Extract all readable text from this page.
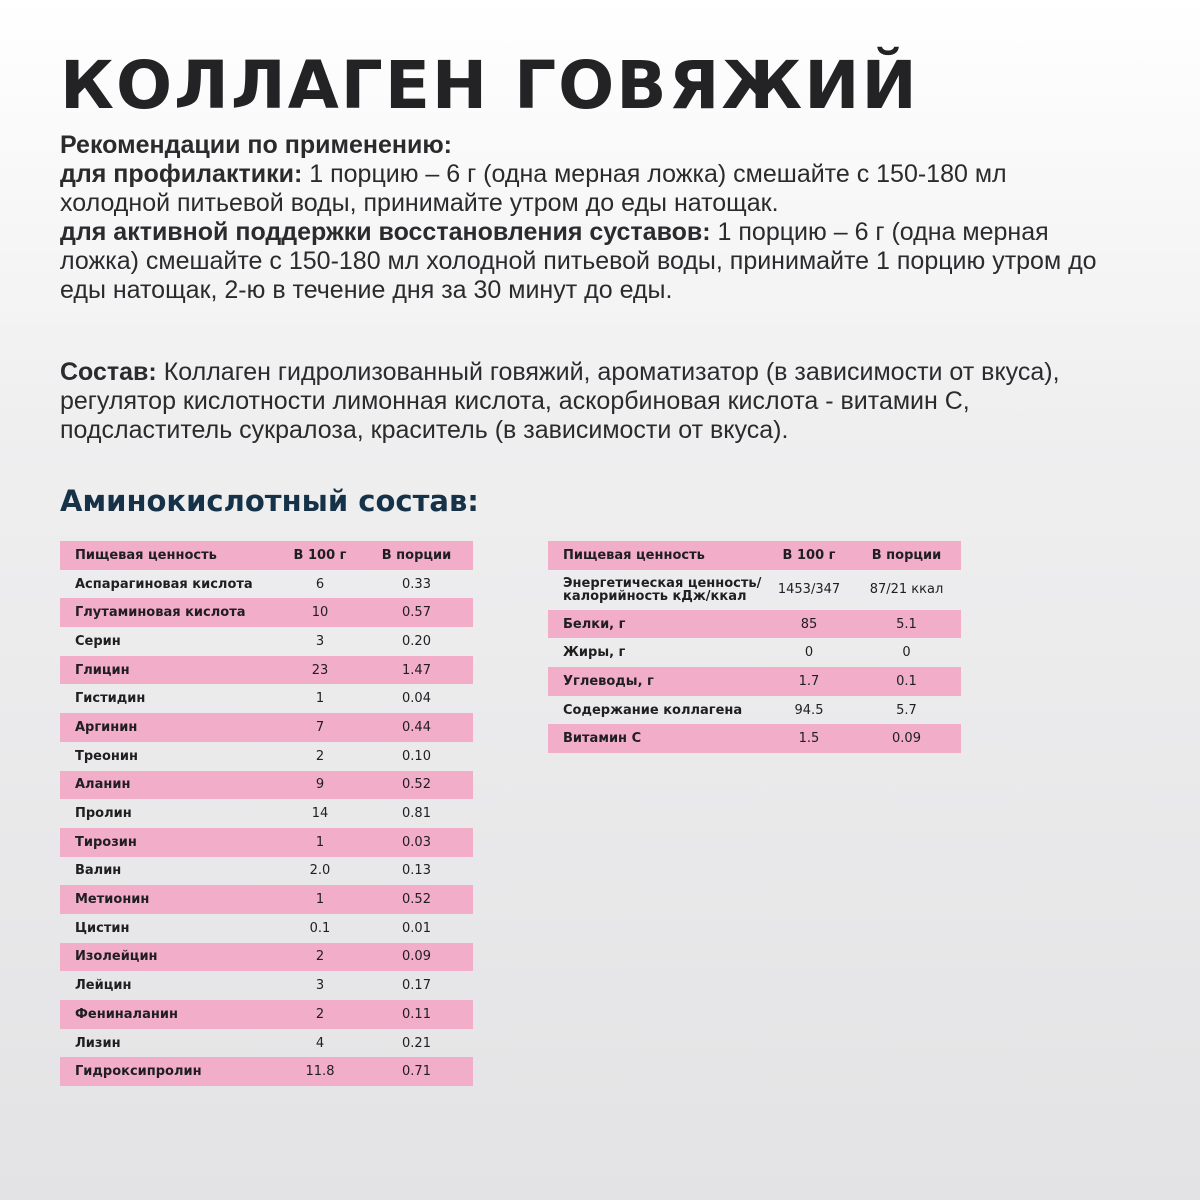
КОЛЛАГЕН ГОВЯЖИЙ

Рекомендации по применению:

для профилактики: 1 порцию – 6 г (одна мерная ложка) смешайте с 150-180 мл холодной питьевой воды, принимайте утром до еды натощак.

для активной поддержки восстановления суставов: 1 порцию – 6 г (одна мерная ложка) смешайте с 150-180 мл холодной питьевой воды, принимайте 1 порцию утром до еды натощак, 2-ю в течение дня за 30 минут до еды.

Состав: Коллаген гидролизованный говяжий, ароматизатор (в зависимости от вкуса), регулятор кислотности лимонная кислота, аскорбиновая кислота - витамин С, подсластитель сукралоза, краситель (в зависимости от вкуса).
Аминокислотный состав:
Пищевая ценность	В 100 г	В порции
Аспарагиновая кислота	6	0.33
Глутаминовая кислота	10	0.57
Серин	3	0.20
Глицин	23	1.47
Гистидин	1	0.04
Аргинин	7	0.44
Треонин	2	0.10
Аланин	9	0.52
Пролин	14	0.81
Тирозин	1	0.03
Валин	2.0	0.13
Метионин	1	0.52
Цистин	0.1	0.01
Изолейцин	2	0.09
Лейцин	3	0.17
Фениналанин	2	0.11
Лизин	4	0.21
Гидроксипролин	11.8	0.71
Пищевая ценность	В 100 г	В порции
Энергетическая ценность/ калорийность кДж/ккал	1453/347	87/21 ккал
Белки, г	85	5.1
Жиры, г	0	0
Углеводы, г	1.7	0.1
Содержание коллагена	94.5	5.7
Витамин С	1.5	0.09
